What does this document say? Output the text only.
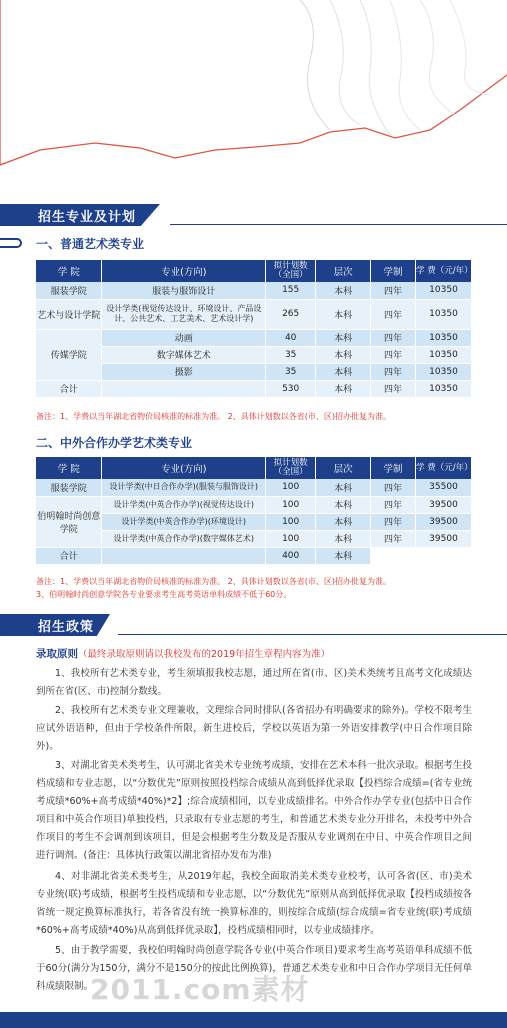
招生专业及计划
一、普通艺术类专业
学 院	专业(方向)	拟计划数（全国）	层次	学制	学 费（元/年）
服装学院	服装与服饰设计	155	本科	四年	10350
艺术与设计学院	设计学类(视觉传达设计、环境设计、产品设计、公共艺术、工艺美术、艺术设计学)	265	本科	四年	10350
传媒学院	动画	40	本科	四年	10350
	数字媒体艺术	35	本科	四年	10350
	摄影	35	本科	四年	10350
合计		530	本科	四年	10350
备注：1、学费以当年湖北省物价局核准的标准为准。 2、具体计划数以各省(市、区)招办批复为准。
二、中外合作办学艺术类专业
学 院	专业(方向)	拟计划数（全国）	层次	学制	学 费（元/年）
服装学院	设计学类(中日合作办学)(服装与服饰设计)	100	本科	四年	35500
伯明翰时尚创意学院	设计学类(中英合作办学)(视觉传达设计)	100	本科	四年	39500
	设计学类(中英合作办学)(环境设计)	100	本科	四年	39500
	设计学类(中英合作办学)(数字媒体艺术)	100	本科	四年	39500
合计		400	本科		
备注：1、学费以当年湖北省物价局核准的标准为准。 2、具体计划数以各省(市、区)招办批复为准。
3、伯明翰时尚创意学院各专业要求考生高考英语单科成绩不低于60分。
招生政策
录取原则（最终录取原则请以我校发布的2019年招生章程内容为准）
1、我校所有艺术类专业，考生须填报我校志愿，通过所在省(市、区)美术类统考且高考文化成绩达到所在省(区、市)控制分数线。
2、我校所有艺术类专业文理兼收，文理综合同时排队(各省招办有明确要求的除外)。学校不限考生应试外语语种，但由于学校条件所限，新生进校后，学校以英语为第一外语安排教学(中日合作项目除外)。
3、对湖北省美术类考生，认可湖北省美术专业统考成绩，安排在艺术本科一批次录取。根据考生投档成绩和专业志愿，以“分数优先”原则按照投档综合成绩从高到低择优录取【投档综合成绩=(省专业统考成绩*60%+高考成绩*40%)*2】;综合成绩相同，以专业成绩排名。中外合作办学专业(包括中日合作项目和中英合作项目)单独投档，只录取有专业志愿的考生，和普通艺术类专业分开排名，未投考中外合作项目的考生不会调剂到该项目，但是会根据考生分数及是否服从专业调剂在中日、中英合作项目之间进行调剂。(备注：具体执行政策以湖北省招办发布为准)
4、对非湖北省美术类考生，从2019年起，我校全面取消美术类专业校考，认可各省(区、市)美术专业统(联)考成绩，根据考生投档成绩和专业志愿，以“分数优先”原则从高到低择优录取【投档成绩按各省统一规定换算标准执行，若各省没有统一换算标准的，则按综合成绩(综合成绩=省专业统(联)考成绩*60%+高考成绩*40%)从高到低择优录取】，投档成绩相同时，以专业成绩排序。
5、由于教学需要，我校伯明翰时尚创意学院各专业(中英合作项目)要求考生高考英语单科成绩不低于60分(满分为150分，满分不是150分的按此比例换算)，普通艺术类专业和中日合作办学项目无任何单科成绩限制。
2011.com素材
